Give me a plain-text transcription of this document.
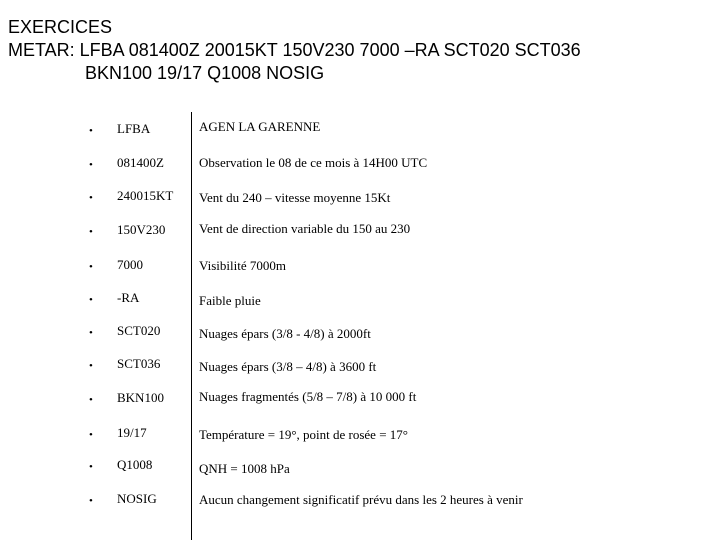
EXERCICES
METAR: LFBA 081400Z 20015KT 150V230 7000 –RA SCT020 SCT036
BKN100 19/17 Q1008 NOSIG
• LFBA	AGEN LA GARENNE
• 081400Z	Observation le 08 de ce mois à 14H00 UTC
• 240015KT Vent du 240 – vitesse moyenne 15Kt
• 150V230	Vent de direction variable du 150 au 230
• 7000	Visibilité 7000m
• -RA	Faible pluie
• SCT020	Nuages épars (3/8 - 4/8) à 2000ft
• SCT036	Nuages épars (3/8 – 4/8) à 3600 ft
• BKN100	Nuages fragmentés (5/8 – 7/8) à 10 000 ft
• 19/17	Température = 19°, point de rosée = 17°
• Q1008	QNH = 1008 hPa
• NOSIG	Aucun changement significatif prévu dans les 2 heures à venir
